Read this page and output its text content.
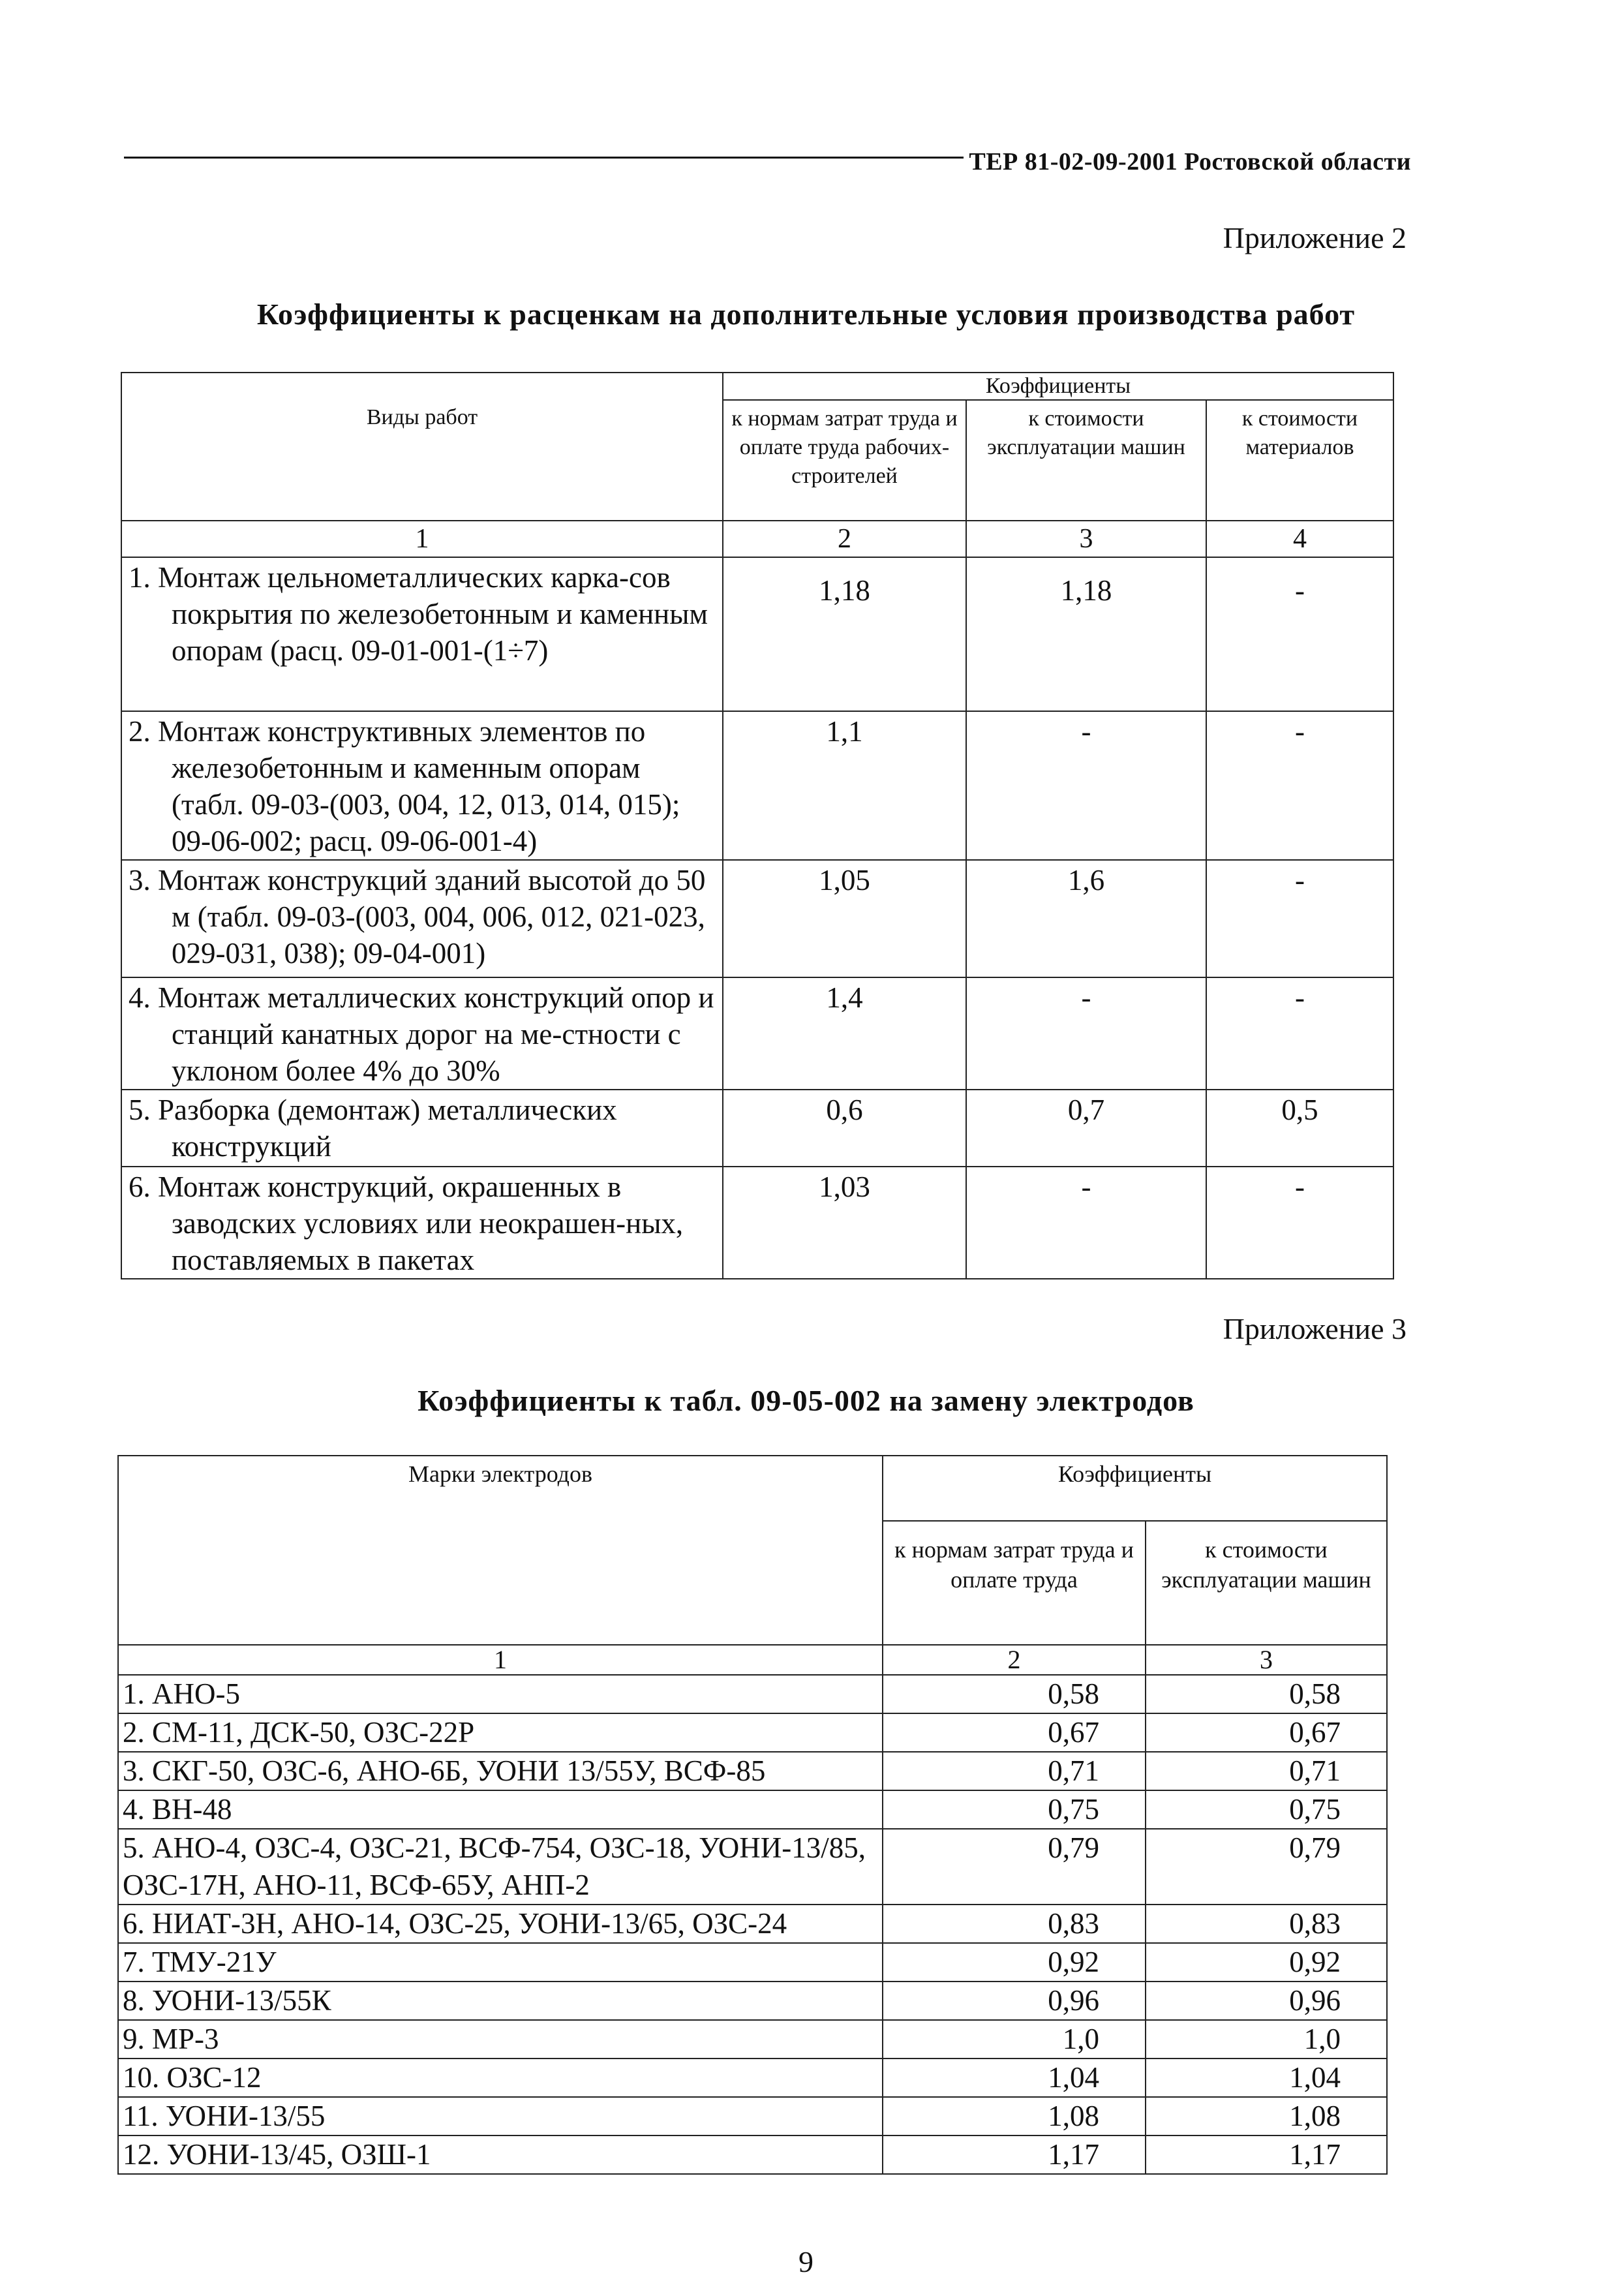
ТЕР 81-02-09-2001 Ростовской области
Приложение 2
Коэффициенты к расценкам на дополнительные условия производства работ
Виды работ	Коэффициенты		
	к нормам затрат труда и оплате труда рабочих-строителей	к стоимости эксплуатации машин	к стоимости материалов
1	2	3	4
1. Монтаж цельнометаллических карка-сов покрытия по железобетонным и каменным опорам (расц. 09-01-001-(1÷7)	1,18	1,18	-
2. Монтаж конструктивных элементов по железобетонным и каменным опорам (табл. 09-03-(003, 004, 12, 013, 014, 015); 09-06-002; расц. 09-06-001-4)	1,1	-	-
3. Монтаж конструкций зданий высотой до 50 м (табл. 09-03-(003, 004, 006, 012, 021-023, 029-031, 038); 09-04-001)	1,05	1,6	-
4. Монтаж металлических конструкций опор и станций канатных дорог на ме-стности с уклоном более 4% до 30%	1,4	-	-
5. Разборка (демонтаж) металлических конструкций	0,6	0,7	0,5
6. Монтаж конструкций, окрашенных в заводских условиях или неокрашен-ных, поставляемых в пакетах	1,03	-	-
Приложение 3
Коэффициенты к табл. 09-05-002 на замену электродов
Марки электродов	Коэффициенты	
	к нормам затрат труда и оплате труда	к стоимости эксплуатации машин
1	2	3
1. АНО-5	0,58	0,58
2. СМ-11, ДСК-50, ОЗС-22Р	0,67	0,67
3. СКГ-50, ОЗС-6, АНО-6Б, УОНИ 13/55У, ВСФ-85	0,71	0,71
4. ВН-48	0,75	0,75
5. АНО-4, ОЗС-4, ОЗС-21, ВСФ-754, ОЗС-18, УОНИ-13/85, ОЗС-17Н, АНО-11, ВСФ-65У, АНП-2	0,79	0,79
6. НИАТ-3Н, АНО-14, ОЗС-25, УОНИ-13/65, ОЗС-24	0,83	0,83
7. ТМУ-21У	0,92	0,92
8. УОНИ-13/55К	0,96	0,96
9. МР-3	1,0	1,0
10. ОЗС-12	1,04	1,04
11. УОНИ-13/55	1,08	1,08
12. УОНИ-13/45, ОЗШ-1	1,17	1,17
9
